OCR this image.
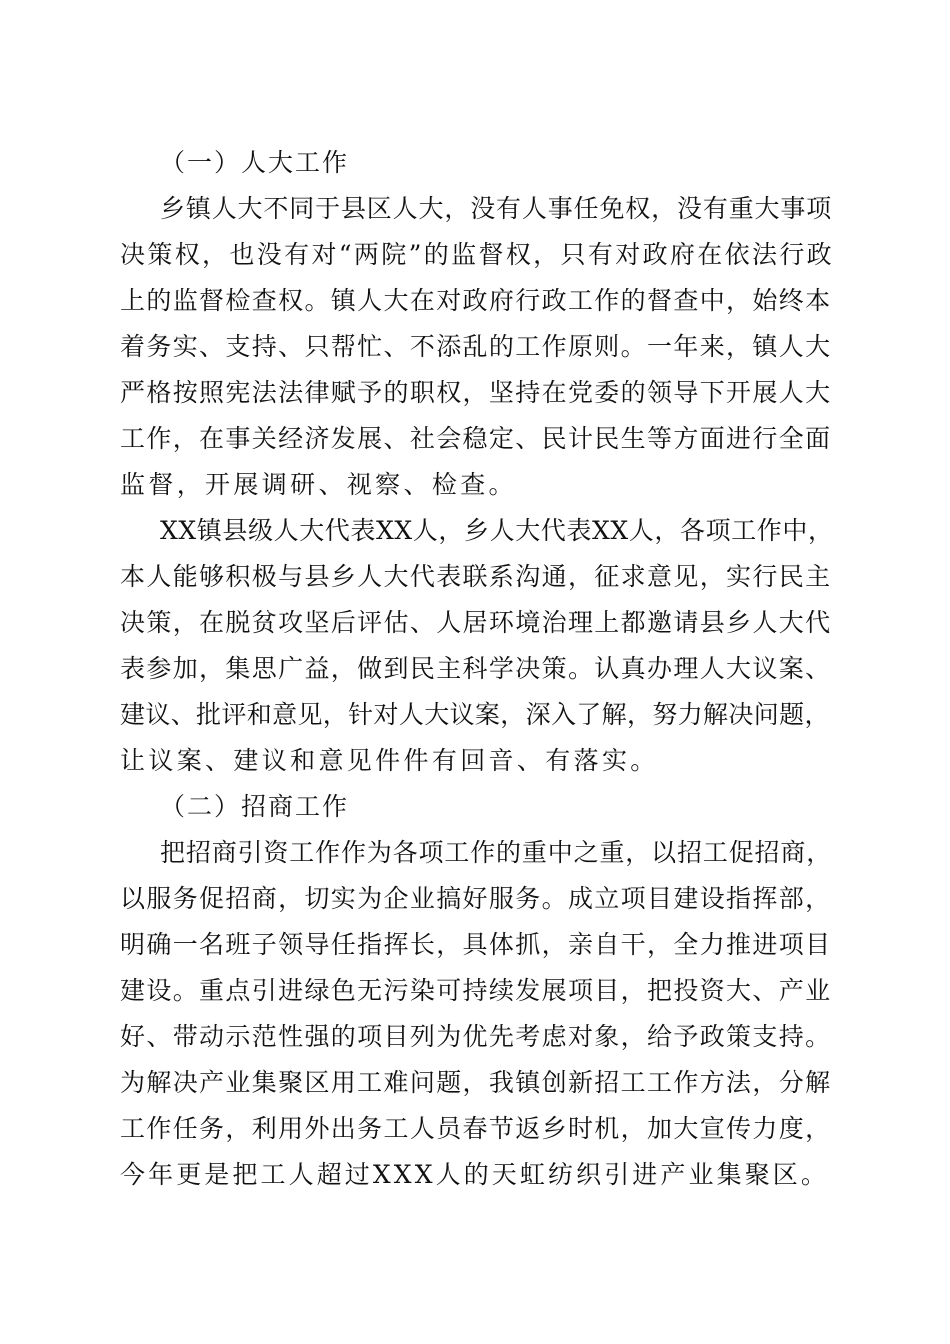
（一）人大工作
乡镇人大不同于县区人大，没有人事任免权，没有重大事项
决策权，也没有对“两院”的监督权，只有对政府在依法行政
上的监督检查权。镇人大在对政府行政工作的督查中，始终本
着务实、支持、只帮忙、不添乱的工作原则。一年来，镇人大
严格按照宪法法律赋予的职权，坚持在党委的领导下开展人大
工作，在事关经济发展、社会稳定、民计民生等方面进行全面
监督，开展调研、视察、检查。
XX镇县级人大代表XX人，乡人大代表XX人，各项工作中，
本人能够积极与县乡人大代表联系沟通，征求意见，实行民主
决策，在脱贫攻坚后评估、人居环境治理上都邀请县乡人大代
表参加，集思广益，做到民主科学决策。认真办理人大议案、
建议、批评和意见，针对人大议案，深入了解，努力解决问题，
让议案、建议和意见件件有回音、有落实。
（二）招商工作
把招商引资工作作为各项工作的重中之重，以招工促招商，
以服务促招商，切实为企业搞好服务。成立项目建设指挥部，
明确一名班子领导任指挥长，具体抓，亲自干，全力推进项目
建设。重点引进绿色无污染可持续发展项目，把投资大、产业
好、带动示范性强的项目列为优先考虑对象，给予政策支持。
为解决产业集聚区用工难问题，我镇创新招工工作方法，分解
工作任务，利用外出务工人员春节返乡时机，加大宣传力度，
今年更是把工人超过XXX人的天虹纺织引进产业集聚区。
